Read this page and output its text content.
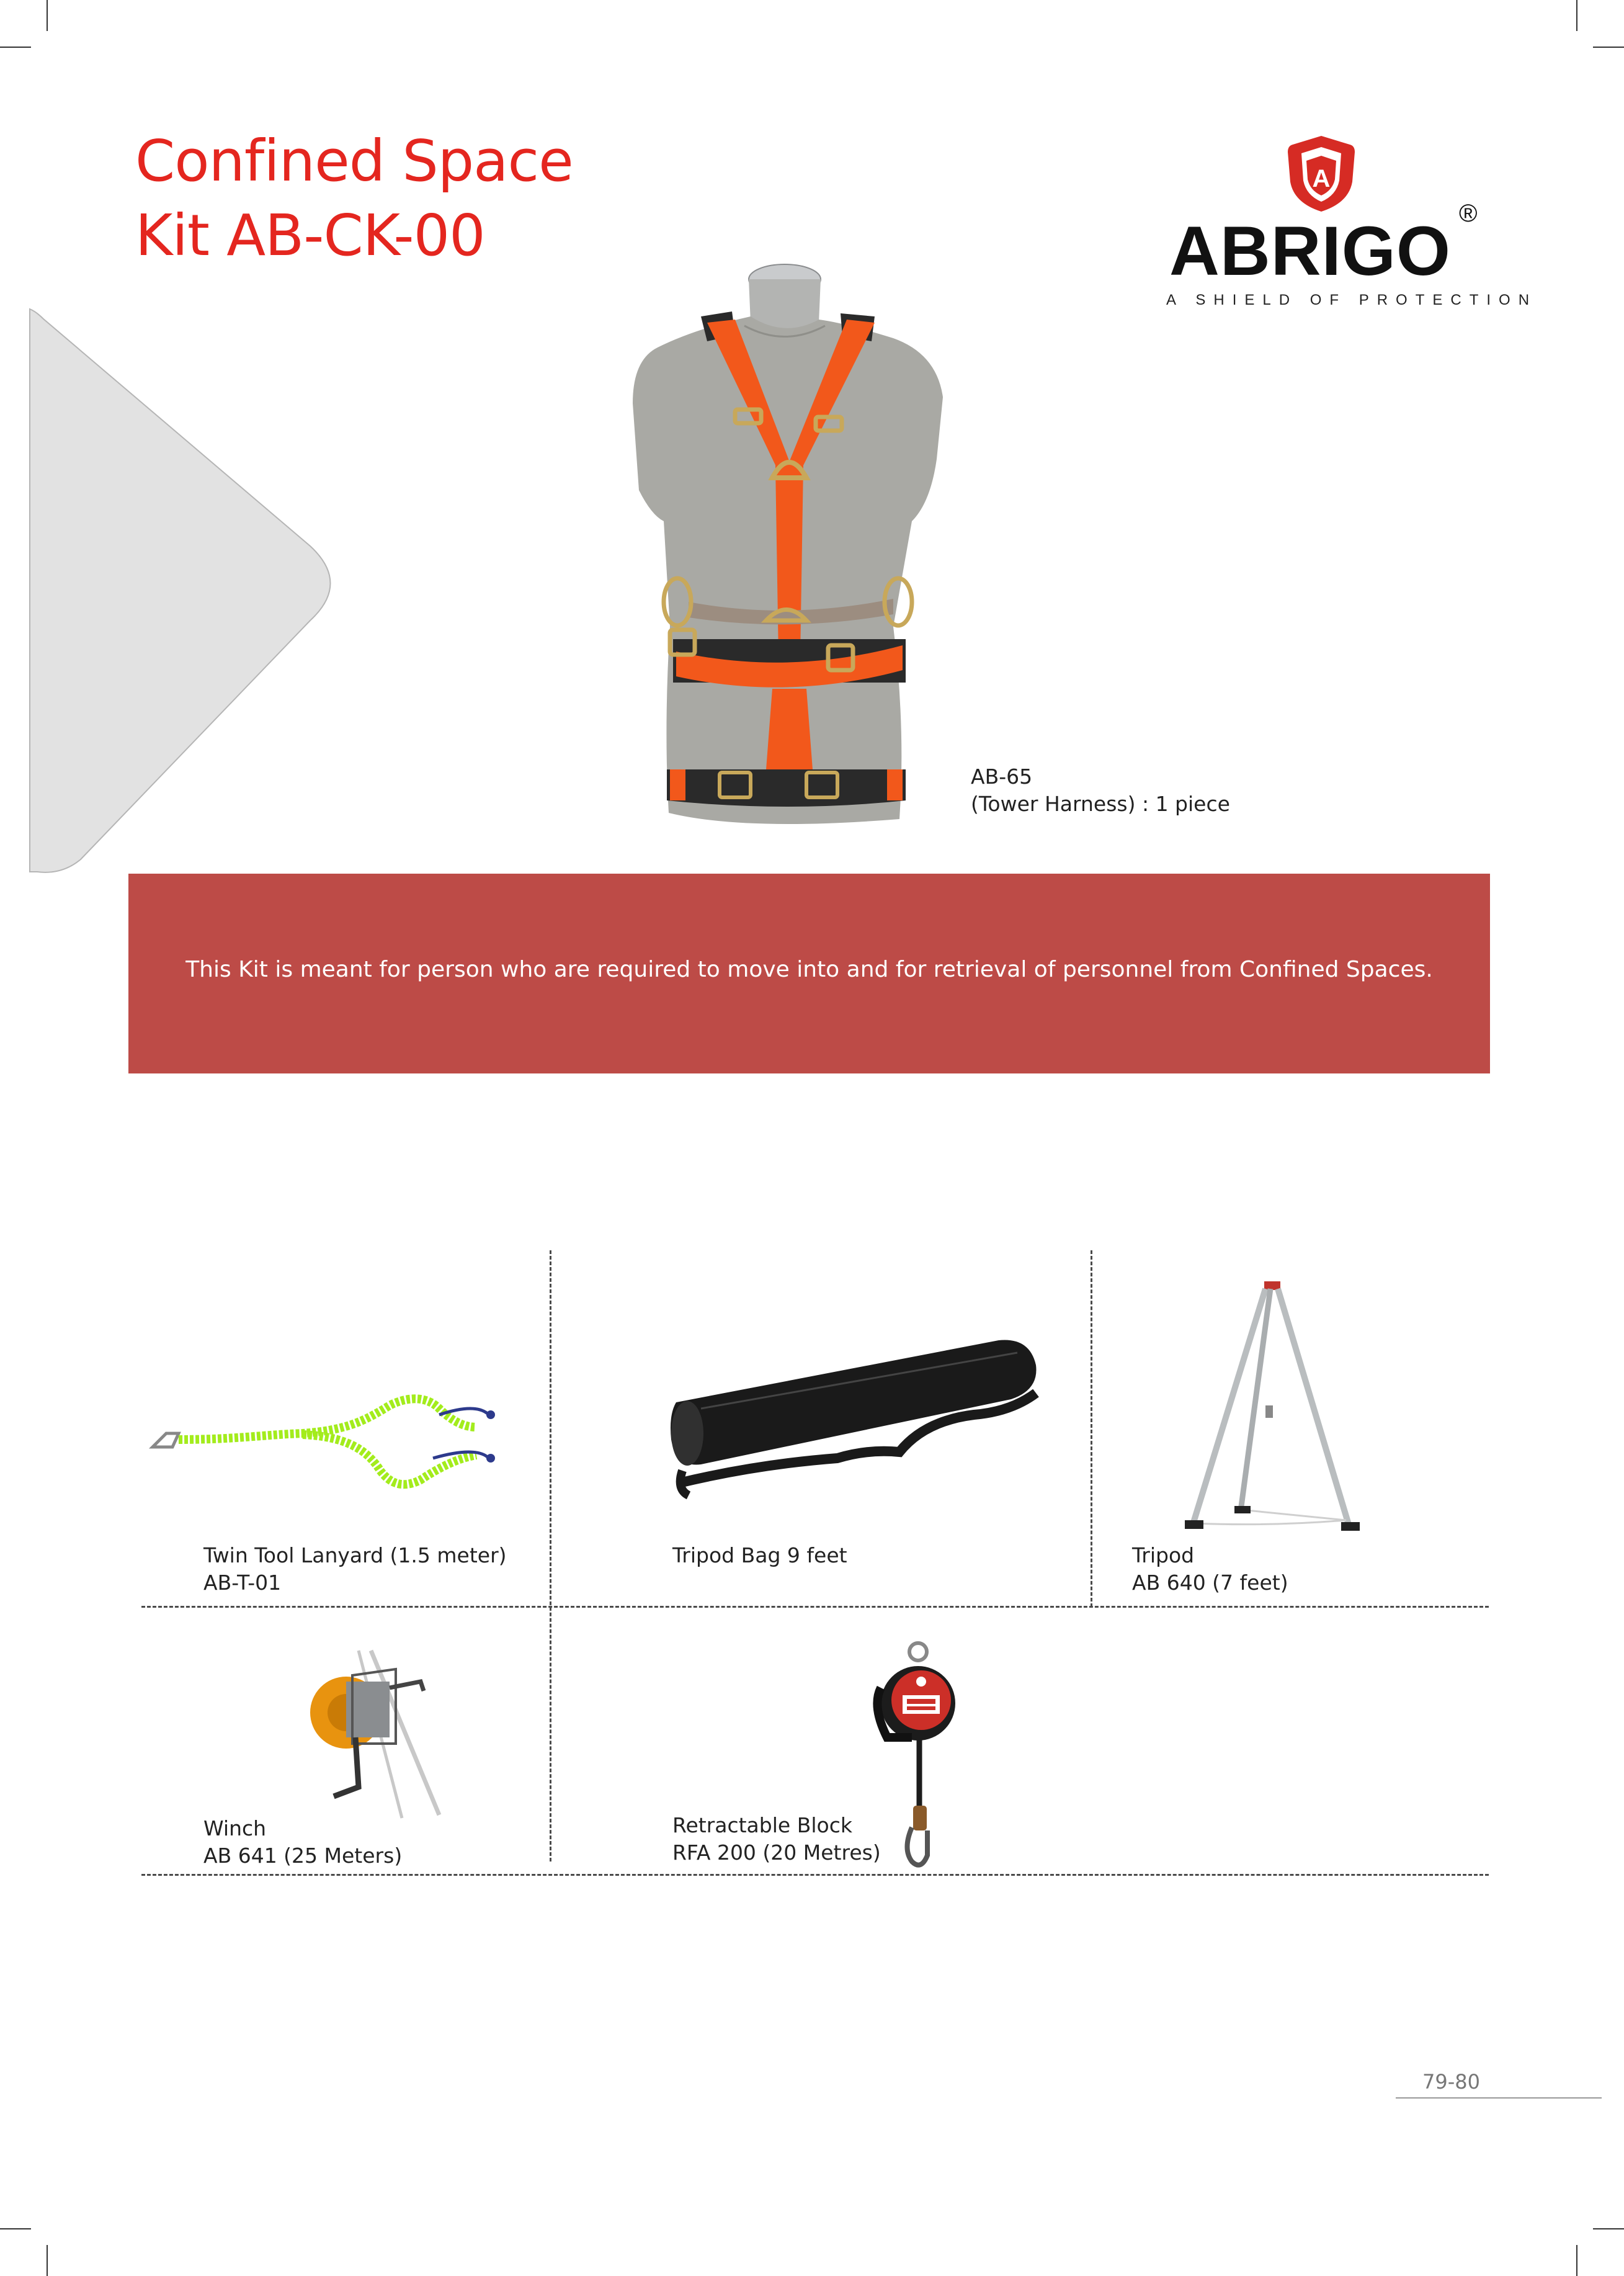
Confined Space
Kit AB-CK-00
A
ABRIGO ®
A SHIELD OF PROTECTION
AB-65
(Tower Harness) : 1 piece
This Kit is meant for person who are required to move into and for retrieval of personnel from Confined Spaces.
Twin Tool Lanyard (1.5 meter)
AB-T-01
Tripod Bag 9 feet	Tripod
AB 640 (7 feet)
Winch
AB 641 (25 Meters)
Retractable Block
RFA 200 (20 Metres)
79-80
